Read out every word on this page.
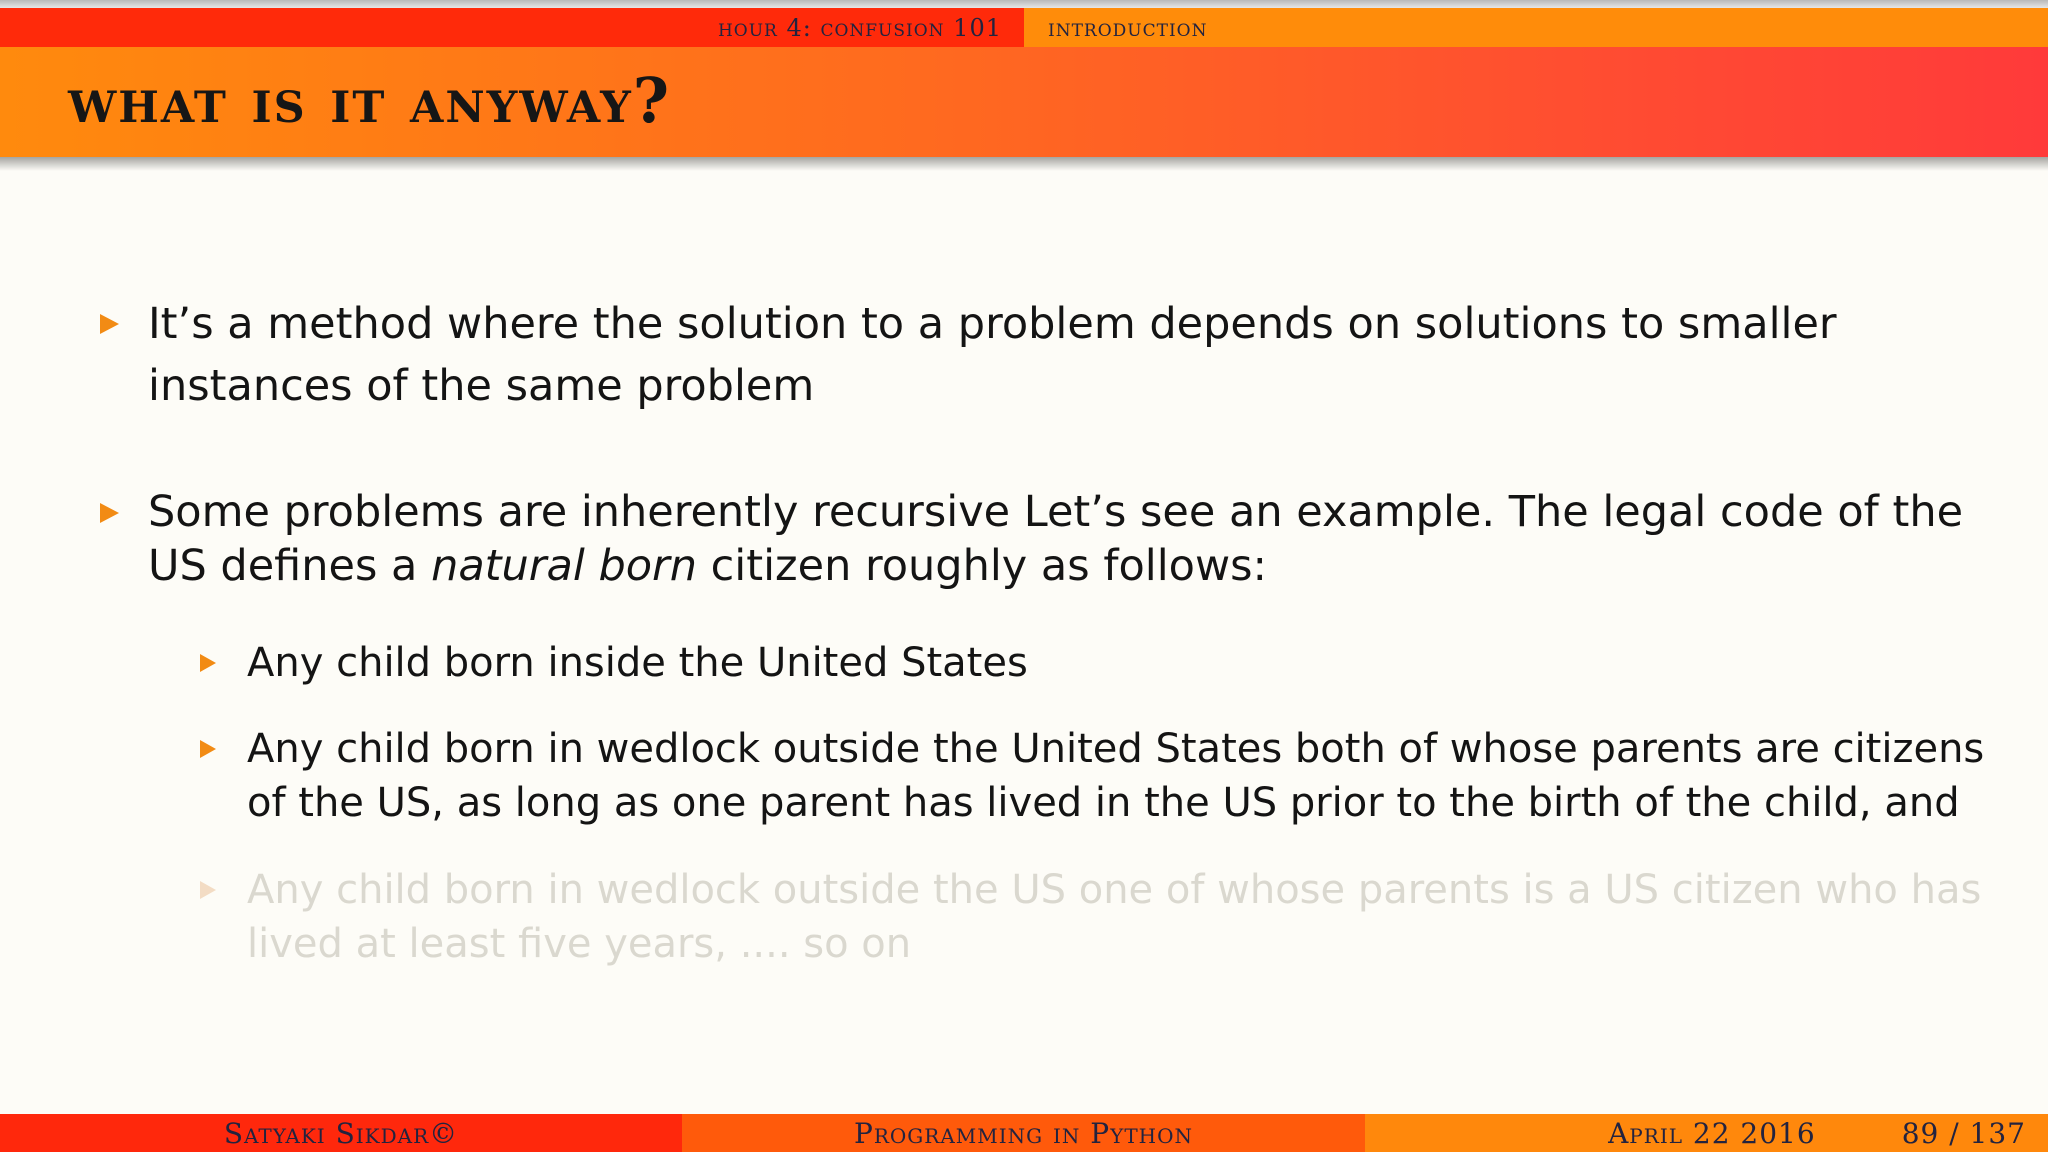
hour 4: confusion 101 introduction
what is it anyway?
It’s a method where the solution to a problem depends on solutions to smaller instances of the same problem
Some problems are inherently recursive Let’s see an example. The legal code of the US defines a natural born citizen roughly as follows:
Any child born inside the United States
Any child born in wedlock outside the United States both of whose parents are citizens of the US, as long as one parent has lived in the US prior to the birth of the child, and
Any child born in wedlock outside the US one of whose parents is a US citizen who has lived at least five years, .... so on
Satyaki Sikdar©	Programming in Python	April 22 2016	89 / 137
